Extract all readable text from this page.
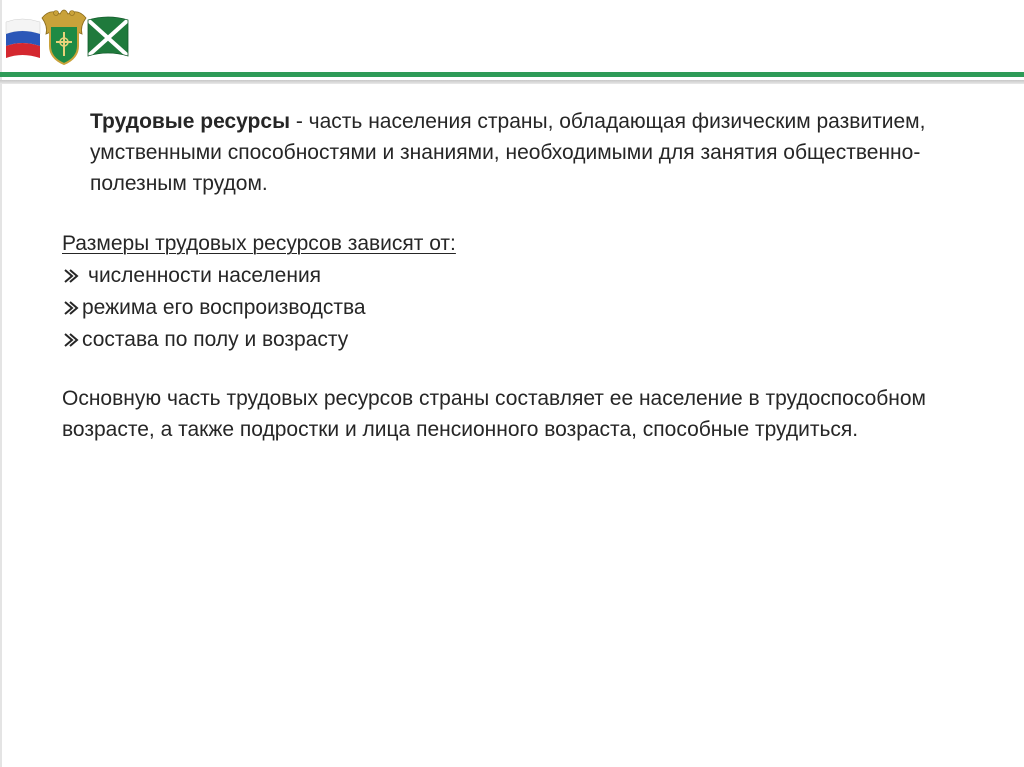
Трудовые ресурсы - часть населения страны, обладающая физическим развитием, умственными способностями и знаниями, необходимыми для занятия общественно-полезным трудом.

Размеры трудовых ресурсов зависят от:

численности населения
режима его воспроизводства
состава по полу и возрасту

Основную часть трудовых ресурсов страны составляет ее население в трудоспособном возрасте, а также подростки и лица пенсионного возраста, способные трудиться.
